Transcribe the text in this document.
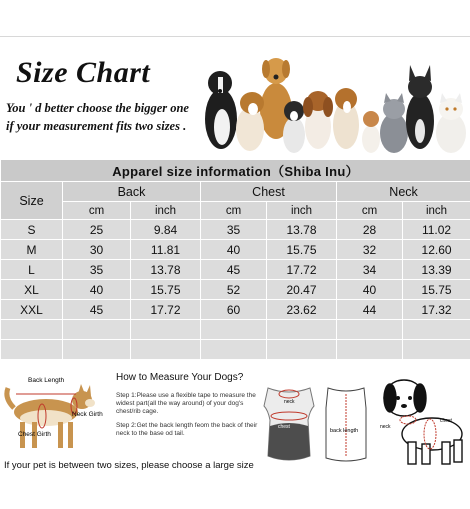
Size Chart
You ' d better choose the bigger one
if your measurement fits two sizes .
Apparel size information（Shiba Inu）						
Size	Back		Chest		Neck	
	cm	inch	cm	inch	cm	inch
S	25	9.84	35	13.78	28	11.02
M	30	11.81	40	15.75	32	12.60
L	35	13.78	45	17.72	34	13.39
XL	40	15.75	52	20.47	40	15.75
XXL	45	17.72	60	23.62	44	17.32

Back Length
Neck Girth
Chest Girth
How to Measure Your Dogs?
Step 1:Please use a flexible tape to measure the widest part(all the way around) of your dog's chest/rib cage.
Step 2:Get the back length feom the back of their neck to the base od tail.
neck
chest
back length
neck
chest
If your pet is between two sizes, please choose a large size
